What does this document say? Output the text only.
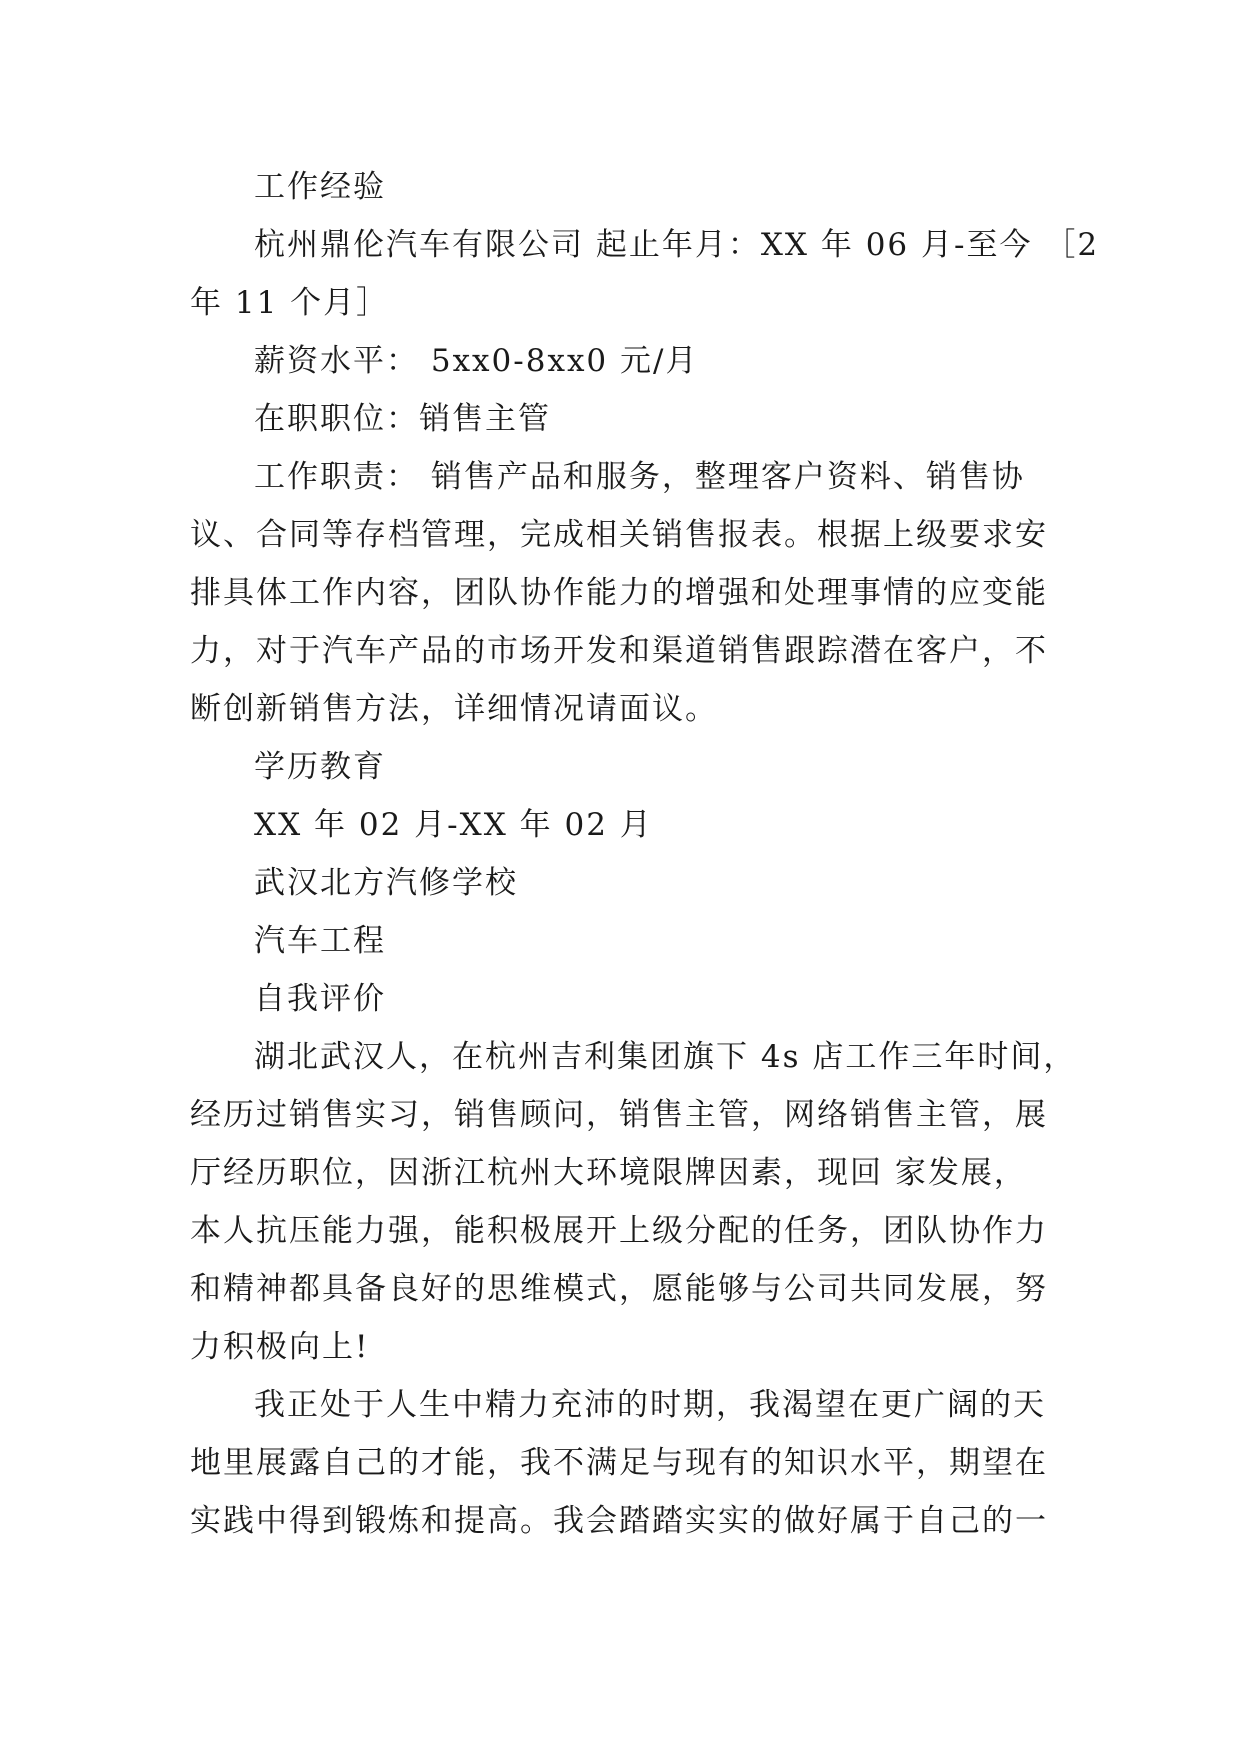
工作经验
杭州鼎伦汽车有限公司 起止年月：XX 年 06 月-至今 ［2
年 11 个月］
薪资水平： 5xx0-8xx0 元/月
在职职位：销售主管
工作职责： 销售产品和服务，整理客户资料、销售协
议、合同等存档管理，完成相关销售报表。根据上级要求安
排具体工作内容，团队协作能力的增强和处理事情的应变能
力，对于汽车产品的市场开发和渠道销售跟踪潜在客户，不
断创新销售方法，详细情况请面议。
学历教育
XX 年 02 月-XX 年 02 月
武汉北方汽修学校
汽车工程
自我评价
湖北武汉人，在杭州吉利集团旗下 4s 店工作三年时间，
经历过销售实习，销售顾问，销售主管，网络销售主管，展
厅经历职位，因浙江杭州大环境限牌因素，现回 家发展，
本人抗压能力强，能积极展开上级分配的任务，团队协作力
和精神都具备良好的思维模式，愿能够与公司共同发展，努
力积极向上!
我正处于人生中精力充沛的时期，我渴望在更广阔的天
地里展露自己的才能，我不满足与现有的知识水平，期望在
实践中得到锻炼和提高。我会踏踏实实的做好属于自己的一
